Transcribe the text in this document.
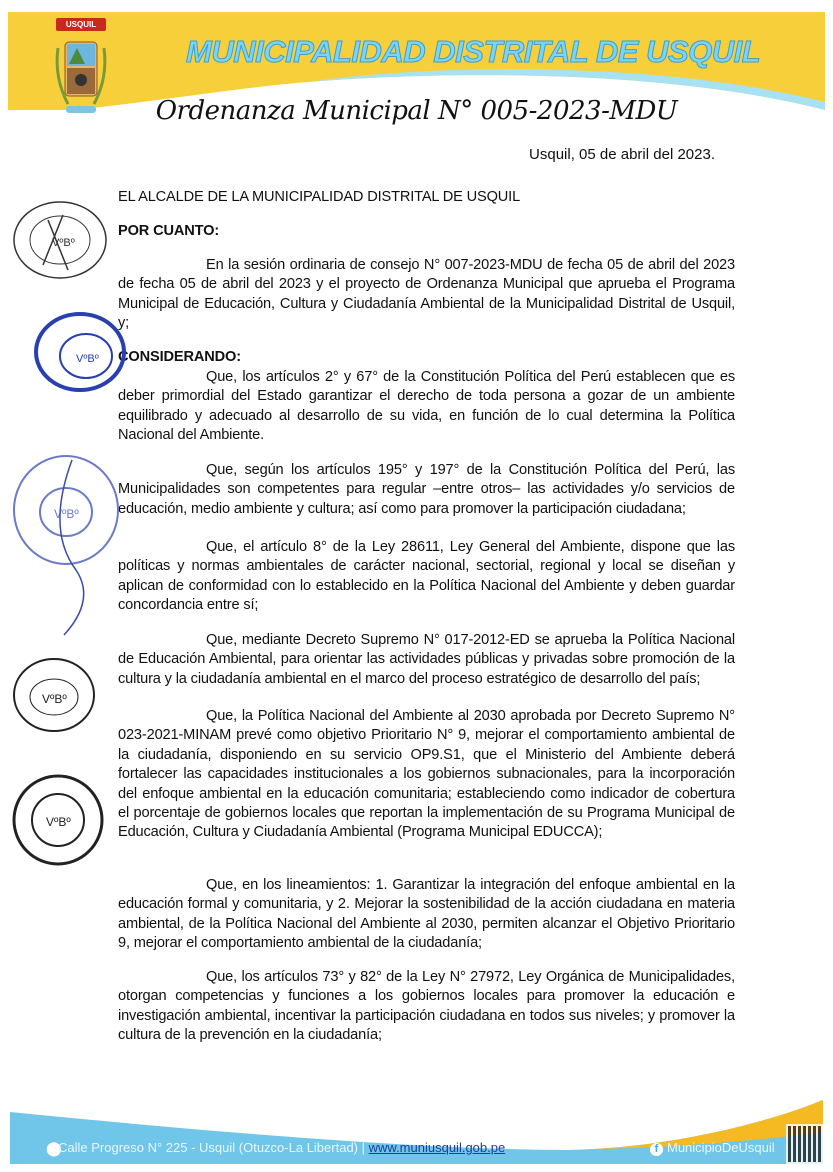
USQUIL
MUNICIPALIDAD DISTRITAL DE USQUIL
Ordenanza Municipal N° 005-2023-MDU
Usquil, 05 de abril del 2023.

EL ALCALDE DE LA MUNICIPALIDAD DISTRITAL DE USQUIL

POR CUANTO:

En la sesión ordinaria de consejo N° 007-2023-MDU de fecha 05 de abril del 2023 de fecha 05 de abril del 2023 y el proyecto de Ordenanza Municipal que aprueba el Programa Municipal de Educación, Cultura y Ciudadanía Ambiental de la Municipalidad Distrital de Usquil, y;

CONSIDERANDO:

Que, los artículos 2° y 67° de la Constitución Política del Perú establecen que es deber primordial del Estado garantizar el derecho de toda persona a gozar de un ambiente equilibrado y adecuado al desarrollo de su vida, en función de lo cual determina la Política Nacional del Ambiente.

Que, según los artículos 195° y 197° de la Constitución Política del Perú, las Municipalidades son competentes para regular –entre otros– las actividades y/o servicios de educación, medio ambiente y cultura; así como para promover la participación ciudadana;

Que, el artículo 8° de la Ley 28611, Ley General del Ambiente, dispone que las políticas y normas ambientales de carácter nacional, sectorial, regional y local se diseñan y aplican de conformidad con lo establecido en la Política Nacional del Ambiente y deben guardar concordancia entre sí;

Que, mediante Decreto Supremo N° 017-2012-ED se aprueba la Política Nacional de Educación Ambiental, para orientar las actividades públicas y privadas sobre promoción de la cultura y la ciudadanía ambiental en el marco del proceso estratégico de desarrollo del país;

Que, la Política Nacional del Ambiente al 2030 aprobada por Decreto Supremo N° 023-2021-MINAM prevé como objetivo Prioritario N° 9, mejorar el comportamiento ambiental de la ciudadanía, disponiendo en su servicio OP9.S1, que el Ministerio del Ambiente deberá fortalecer las capacidades institucionales a los gobiernos subnacionales, para la incorporación del enfoque ambiental en la educación comunitaria; estableciendo como indicador de cobertura el porcentaje de gobiernos locales que reportan la implementación de su Programa Municipal de Educación, Cultura y Ciudadanía Ambiental (Programa Municipal EDUCCA);

Que, en los lineamientos: 1. Garantizar la integración del enfoque ambiental en la educación formal y comunitaria, y 2. Mejorar la sostenibilidad de la acción ciudadana en materia ambiental, de la Política Nacional del Ambiente al 2030, permiten alcanzar el Objetivo Prioritario 9, mejorar el comportamiento ambiental de la ciudadanía;

Que, los artículos 73° y 82° de la Ley N° 27972, Ley Orgánica de Municipalidades, otorgan competencias y funciones a los gobiernos locales para promover la educación e investigación ambiental, incentivar la participación ciudadana en todos sus niveles; y promover la cultura de la prevención en la ciudadanía;

VºBº
VºBº
VºBº
VºBº
VºBº
⬤
Calle Progreso N° 225 - Usquil (Otuzco-La Libertad) | www.muniusquil.gob.pe	f MunicipioDeUsquil
